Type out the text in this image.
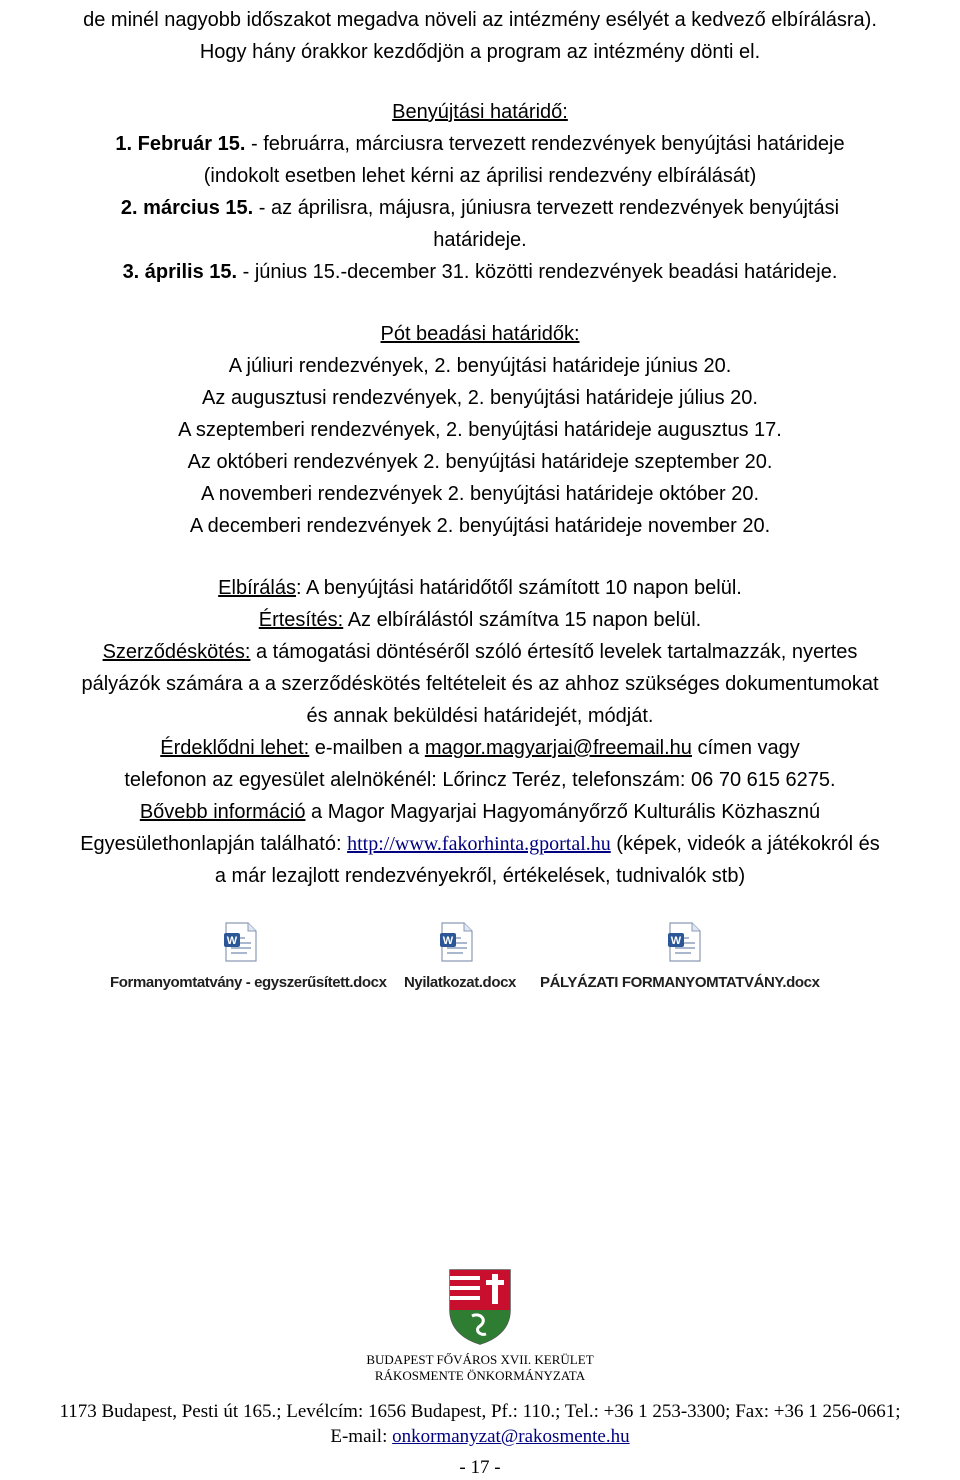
de minél nagyobb időszakot megadva növeli az intézmény esélyét a kedvező elbírálásra).
Hogy hány órakkor kezdődjön a program az intézmény dönti el.
Benyújtási határidő:
1. Február 15. - februárra, márciusra tervezett rendezvények benyújtási határideje
(indokolt esetben lehet kérni az áprilisi rendezvény elbírálását)
2. március 15. - az áprilisra, májusra, júniusra tervezett rendezvények benyújtási
határideje.
3. április 15. - június 15.-december 31. közötti rendezvények beadási határideje.
Pót beadási határidők:
A júliuri rendezvények, 2. benyújtási határideje június 20.
Az augusztusi rendezvények, 2. benyújtási határideje július 20.
A szeptemberi rendezvények, 2. benyújtási határideje augusztus 17.
Az októberi rendezvények 2. benyújtási határideje szeptember 20.
A novemberi rendezvények 2. benyújtási határideje október 20.
A decemberi rendezvények 2. benyújtási határideje november 20.
Elbírálás: A benyújtási határidőtől számított 10 napon belül.
Értesítés: Az elbírálástól számítva 15 napon belül.
Szerződéskötés: a támogatási döntéséről szóló értesítő levelek tartalmazzák, nyertes
pályázók számára a a szerződéskötés feltételeit és az ahhoz szükséges dokumentumokat
és annak beküldési határidejét, módját.
Érdeklődni lehet: e-mailben a magor.magyarjai@freemail.hu címen vagy
telefonon az egyesület alelnökénél: Lőrincz Teréz, telefonszám: 06 70 615 6275.
Bővebb információ a Magor Magyarjai Hagyományőrző Kulturális Közhasznú
Egyesülethonlapján található: http://www.fakorhinta.gportal.hu (képek, videók a játékokról és
a már lezajlott rendezvényekről, értékelések, tudnivalók stb)
W
Formanyomtatvány - egyszerűsített.docx
W
Nyilatkozat.docx
W
PÁLYÁZATI FORMANYOMTATVÁNY.docx
BUDAPEST FŐVÁROS XVII. KERÜLET
RÁKOSMENTE ÖNKORMÁNYZATA
1173 Budapest, Pesti út 165.; Levélcím: 1656 Budapest, Pf.: 110.; Tel.: +36 1 253-3300; Fax: +36 1 256-0661;
E-mail: onkormanyzat@rakosmente.hu
- 17 -
